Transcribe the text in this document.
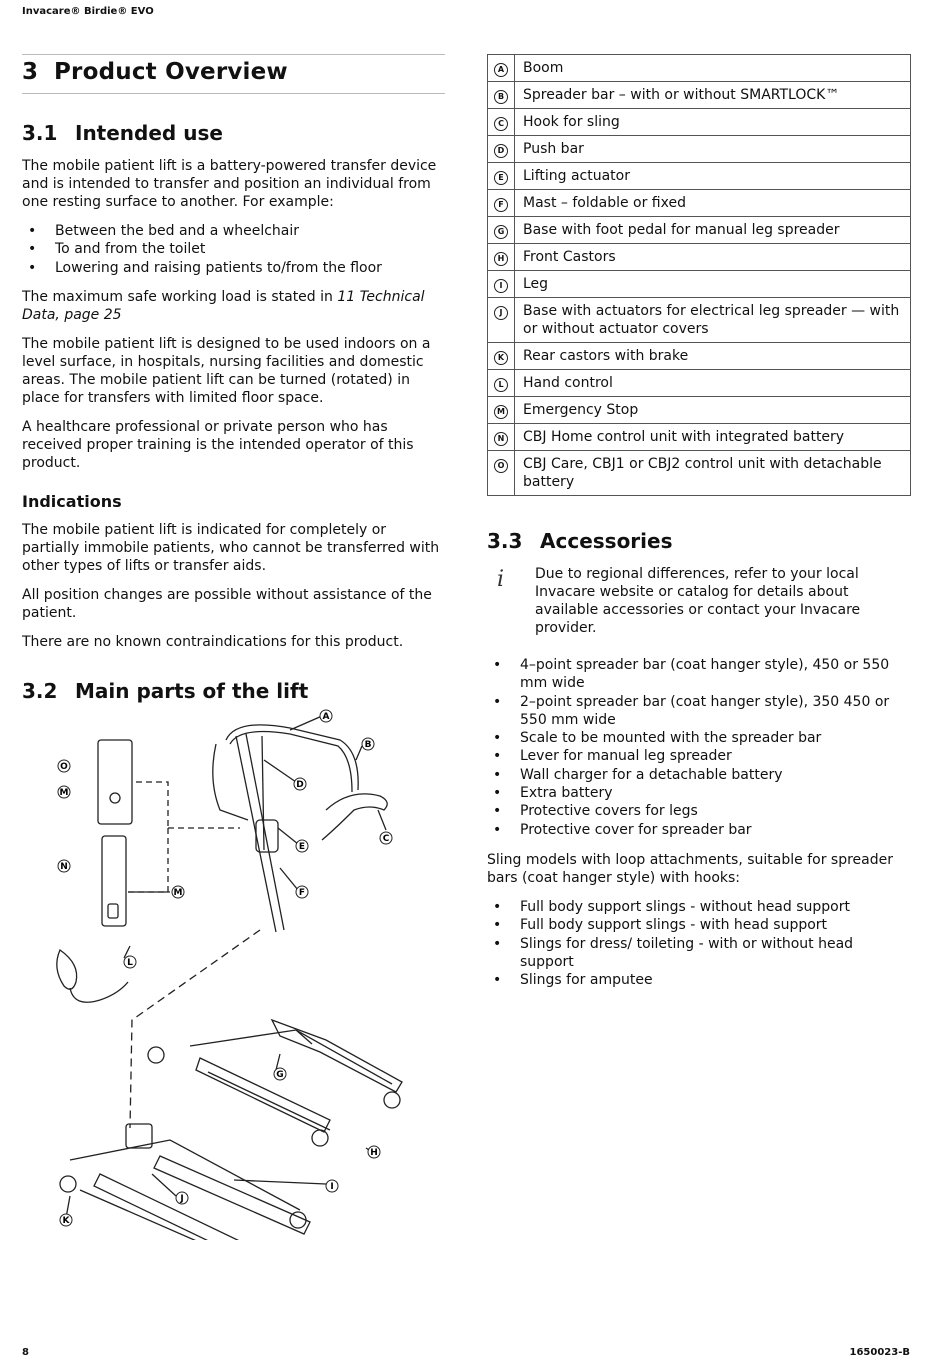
Invacare® Birdie® EVO
3 Product Overview
3.1 Intended use

The mobile patient lift is a battery-powered transfer device and is intended to transfer and position an individual from one resting surface to another. For example:

• Between the bed and a wheelchair
• To and from the toilet
• Lowering and raising patients to/from the floor

The maximum safe working load is stated in 11 Technical Data, page 25

The mobile patient lift is designed to be used indoors on a level surface, in hospitals, nursing facilities and domestic areas. The mobile patient lift can be turned (rotated) in place for transfers with limited floor space.

A healthcare professional or private person who has received proper training is the intended operator of this product.

Indications

The mobile patient lift is indicated for completely or partially immobile patients, who cannot be transferred with other types of lifts or transfer aids.

All position changes are possible without assistance of the patient.

There are no known contraindications for this product.

3.2 Main parts of the lift
A
B
C
D
E
F
G
H
I
J
K
L
M
N
O
M
A	Boom
B	Spreader bar – with or without SMARTLOCK™
C	Hook for sling
D	Push bar
E	Lifting actuator
F	Mast – foldable or fixed
G	Base with foot pedal for manual leg spreader
H	Front Castors
I	Leg
J	Base with actuators for electrical leg spreader — with or without actuator covers
K	Rear castors with brake
L	Hand control
M	Emergency Stop
N	CBJ Home control unit with integrated battery
O	CBJ Care, CBJ1 or CBJ2 control unit with detachable battery
3.3 Accessories
i Due to regional differences, refer to your local Invacare website or catalog for details about available accessories or contact your Invacare provider.

• 4–point spreader bar (coat hanger style), 450 or 550 mm wide
• 2–point spreader bar (coat hanger style), 350 450 or 550 mm wide
• Scale to be mounted with the spreader bar
• Lever for manual leg spreader
• Wall charger for a detachable battery
• Extra battery
• Protective covers for legs
• Protective cover for spreader bar

Sling models with loop attachments, suitable for spreader bars (coat hanger style) with hooks:

• Full body support slings - without head support
• Full body support slings - with head support
• Slings for dress/ toileting - with or without head support
• Slings for amputee
8	1650023-B
